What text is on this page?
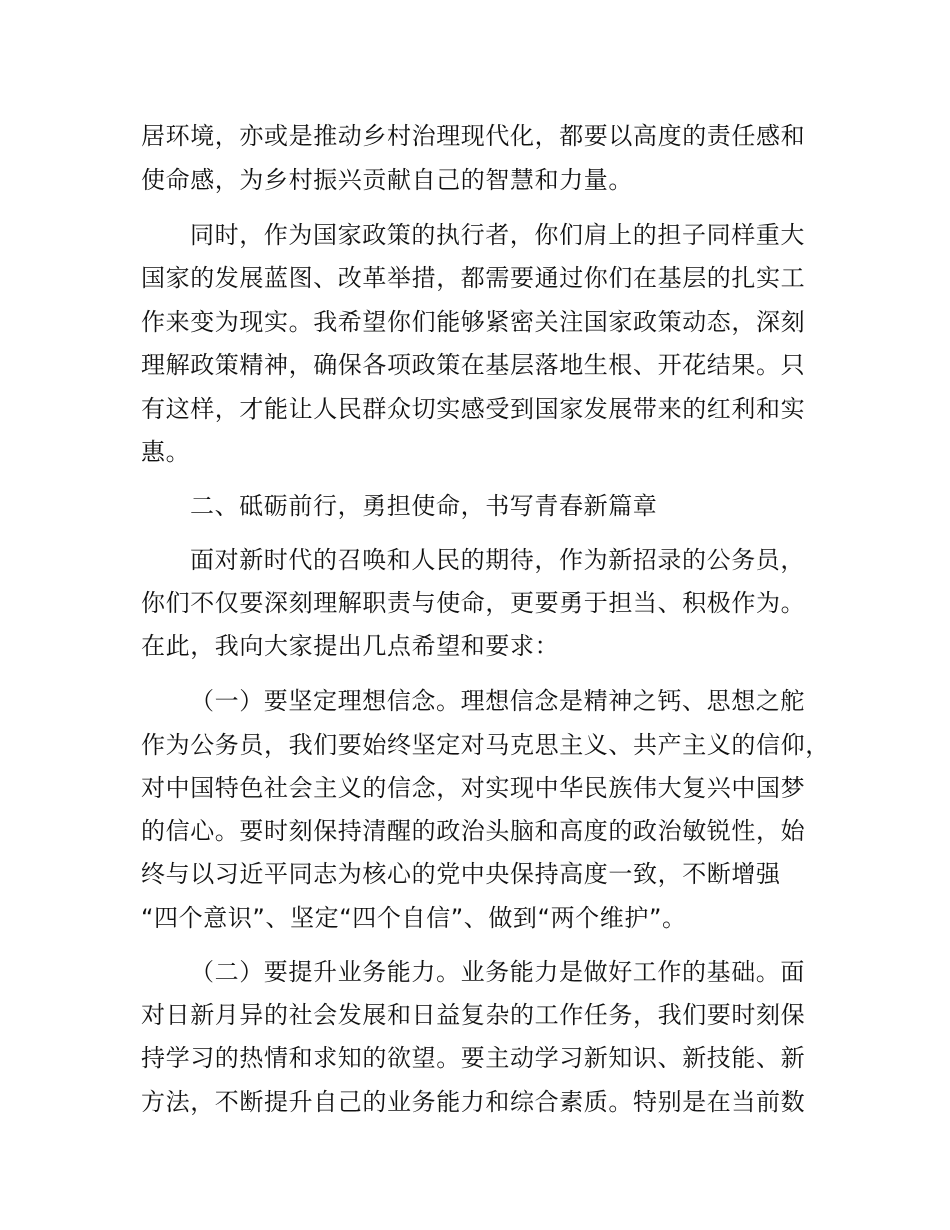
居环境，亦或是推动乡村治理现代化，都要以高度的责任感和
使命感，为乡村振兴贡献自己的智慧和力量。
同时，作为国家政策的执行者，你们肩上的担子同样重大
国家的发展蓝图、改革举措，都需要通过你们在基层的扎实工
作来变为现实。我希望你们能够紧密关注国家政策动态，深刻
理解政策精神，确保各项政策在基层落地生根、开花结果。只
有这样，才能让人民群众切实感受到国家发展带来的红利和实
惠。
二、砥砺前行，勇担使命，书写青春新篇章
面对新时代的召唤和人民的期待，作为新招录的公务员，
你们不仅要深刻理解职责与使命，更要勇于担当、积极作为。
在此，我向大家提出几点希望和要求：
（一）要坚定理想信念。理想信念是精神之钙、思想之舵
作为公务员，我们要始终坚定对马克思主义、共产主义的信仰，
对中国特色社会主义的信念，对实现中华民族伟大复兴中国梦
的信心。要时刻保持清醒的政治头脑和高度的政治敏锐性，始
终与以习近平同志为核心的党中央保持高度一致，不断增强
“四个意识”、坚定“四个自信”、做到“两个维护”。
（二）要提升业务能力。业务能力是做好工作的基础。面
对日新月异的社会发展和日益复杂的工作任务，我们要时刻保
持学习的热情和求知的欲望。要主动学习新知识、新技能、新
方法，不断提升自己的业务能力和综合素质。特别是在当前数
